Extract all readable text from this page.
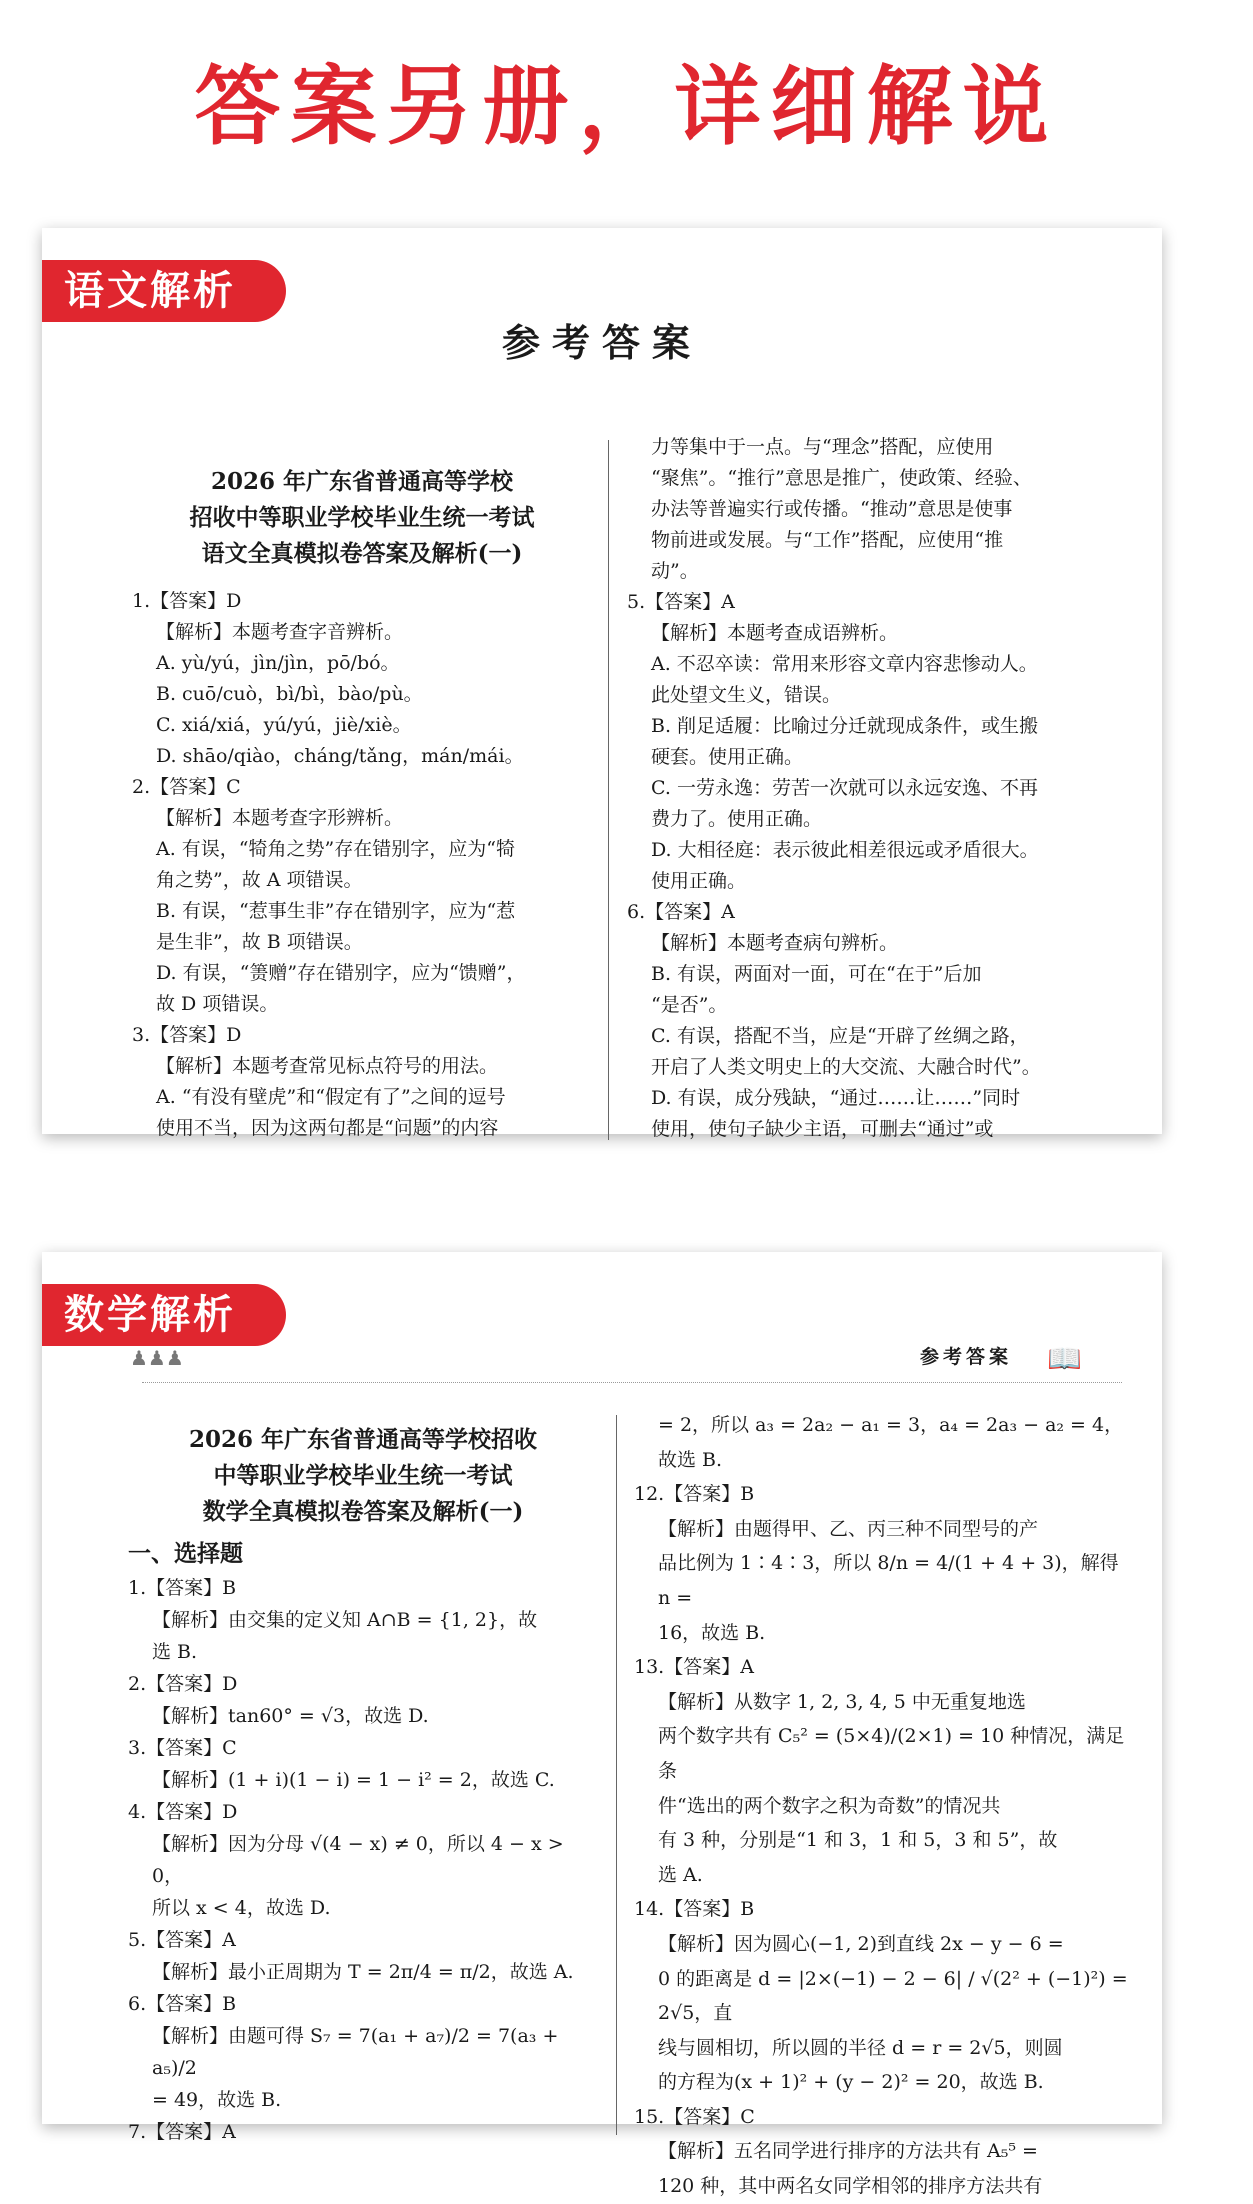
答案另册，详细解说
语文解析
参考答案

2026 年广东省普通高等学校

招收中等职业学校毕业生统一考试

语文全真模拟卷答案及解析(一)

1.【答案】D

【解析】本题考查字音辨析。

A. yù/yú，jìn/jìn，pō/bó。

B. cuō/cuò，bì/bì，bào/pù。

C. xiá/xiá，yú/yú，jiè/xiè。

D. shāo/qiào，cháng/tǎng，mán/mái。

2.【答案】C

【解析】本题考查字形辨析。

A. 有误，“犄角之势”存在错别字，应为“犄

角之势”，故 A 项错误。

B. 有误，“惹事生非”存在错别字，应为“惹

是生非”，故 B 项错误。

D. 有误，“箦赠”存在错别字，应为“馈赠”，

故 D 项错误。

3.【答案】D

【解析】本题考查常见标点符号的用法。

A. “有没有壁虎”和“假定有了”之间的逗号

使用不当，因为这两句都是“问题”的内容

力等集中于一点。与“理念”搭配，应使用

“聚焦”。“推行”意思是推广，使政策、经验、

办法等普遍实行或传播。“推动”意思是使事

物前进或发展。与“工作”搭配，应使用“推

动”。

5.【答案】A

【解析】本题考查成语辨析。

A. 不忍卒读：常用来形容文章内容悲惨动人。

此处望文生义，错误。

B. 削足适履：比喻过分迁就现成条件，或生搬

硬套。使用正确。

C. 一劳永逸：劳苦一次就可以永远安逸、不再

费力了。使用正确。

D. 大相径庭：表示彼此相差很远或矛盾很大。

使用正确。

6.【答案】A

【解析】本题考查病句辨析。

B. 有误，两面对一面，可在“在于”后加

“是否”。

C. 有误，搭配不当，应是“开辟了丝绸之路，

开启了人类文明史上的大交流、大融合时代”。

D. 有误，成分残缺，“通过……让……”同时

使用，使句子缺少主语，可删去“通过”或

数学解析
参考答案 📖
♟♟♟

2026 年广东省普通高等学校招收

中等职业学校毕业生统一考试

数学全真模拟卷答案及解析(一)

一、选择题

1.【答案】B

【解析】由交集的定义知 A∩B = {1, 2}，故

选 B.

2.【答案】D

【解析】tan60° = √3，故选 D.

3.【答案】C

【解析】(1 + i)(1 − i) = 1 − i² = 2，故选 C.

4.【答案】D

【解析】因为分母 √(4 − x) ≠ 0，所以 4 − x > 0，

所以 x < 4，故选 D.

5.【答案】A

【解析】最小正周期为 T = 2π/4 = π/2，故选 A.

6.【答案】B

【解析】由题可得 S₇ = 7(a₁ + a₇)/2 = 7(a₃ + a₅)/2

= 49，故选 B.

7.【答案】A

= 2，所以 a₃ = 2a₂ − a₁ = 3，a₄ = 2a₃ − a₂ = 4，

故选 B.

12.【答案】B

【解析】由题得甲、乙、丙三种不同型号的产

品比例为 1∶4∶3，所以 8/n = 4/(1 + 4 + 3)，解得 n =

16，故选 B.

13.【答案】A

【解析】从数字 1, 2, 3, 4, 5 中无重复地选

两个数字共有 C₅² = (5×4)/(2×1) = 10 种情况，满足条

件“选出的两个数字之积为奇数”的情况共

有 3 种，分别是“1 和 3，1 和 5，3 和 5”，故

选 A.

14.【答案】B

【解析】因为圆心(−1, 2)到直线 2x − y − 6 =

0 的距离是 d = |2×(−1) − 2 − 6| / √(2² + (−1)²) = 2√5，直

线与圆相切，所以圆的半径 d = r = 2√5，则圆

的方程为(x + 1)² + (y − 2)² = 20，故选 B.

15.【答案】C

【解析】五名同学进行排序的方法共有 A₅⁵ =

120 种，其中两名女同学相邻的排序方法共有
